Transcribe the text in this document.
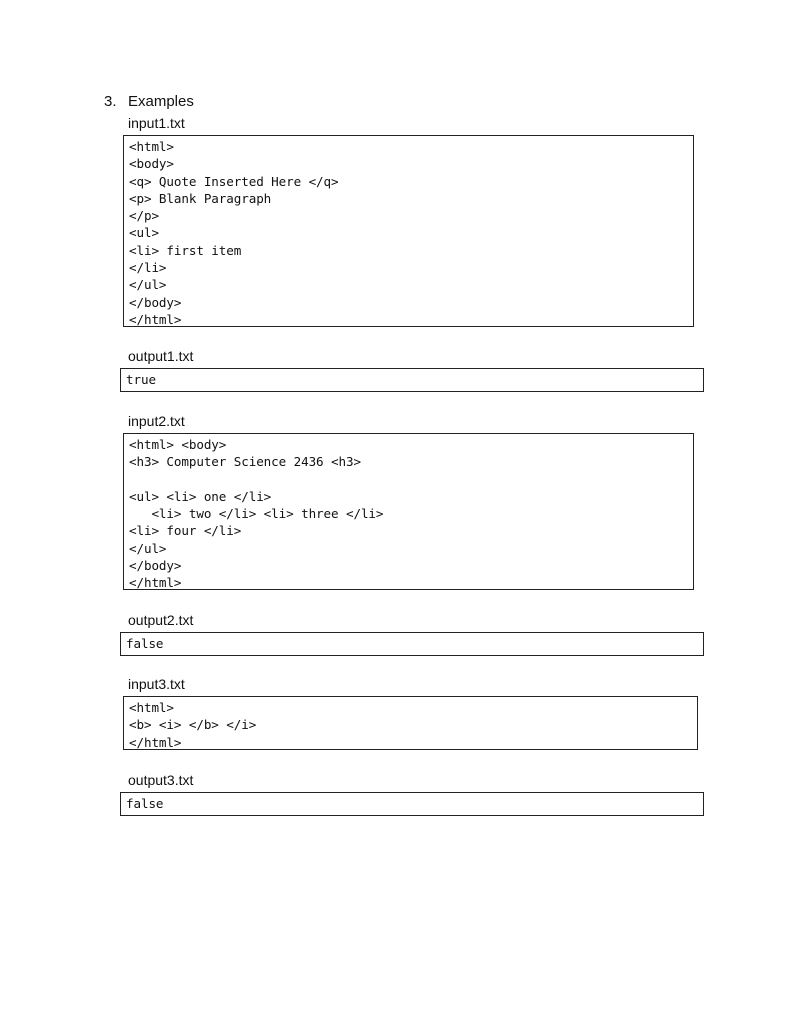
3. Examples
input1.txt
<html>
<body>
<q> Quote Inserted Here </q>
<p> Blank Paragraph
</p>
<ul>
<li> first item
</li>
</ul>
</body>
</html>
output1.txt
true
input2.txt
<html> <body>
<h3> Computer Science 2436 <h3>
<ul> <li> one </li>
<li> two </li> <li> three </li>
<li> four </li>
</ul>
</body>
</html>
output2.txt
false
input3.txt
<html>
<b> <i> </b> </i>
</html>
output3.txt
false
